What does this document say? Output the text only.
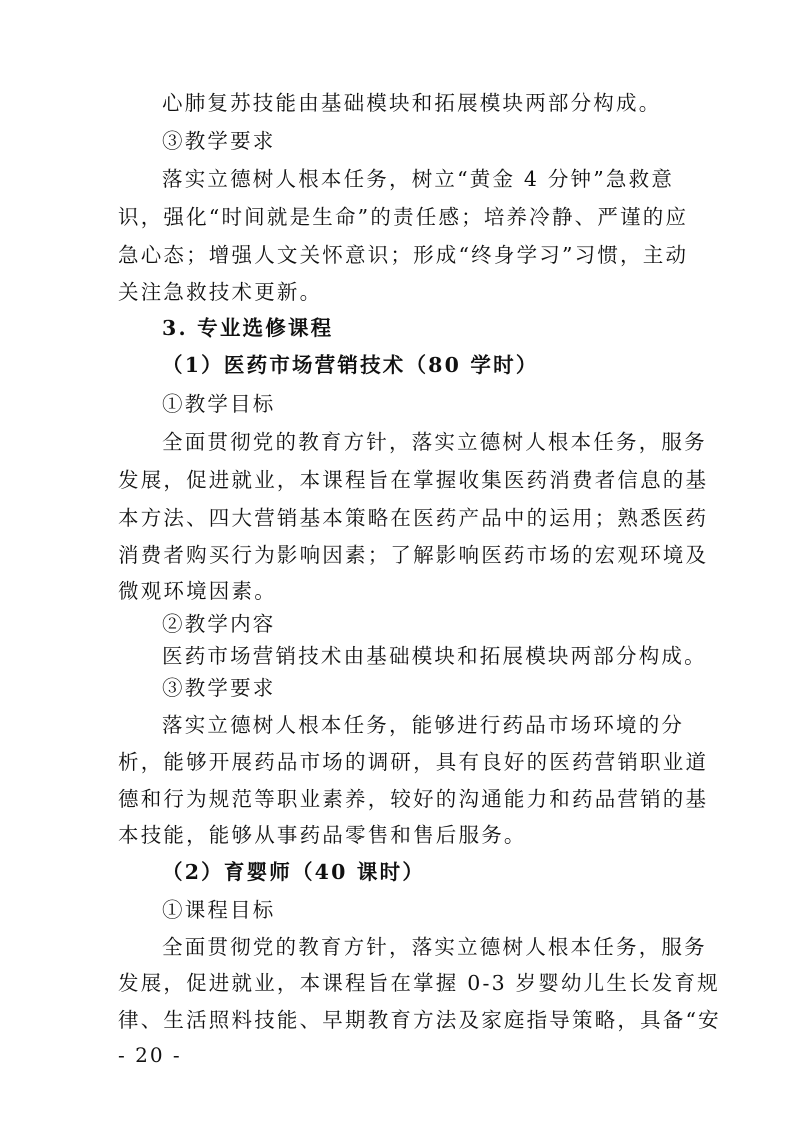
心肺复苏技能由基础模块和拓展模块两部分构成。
③教学要求
落实立德树人根本任务，树立“黄金 4 分钟”急救意
识，强化“时间就是生命”的责任感；培养冷静、严谨的应
急心态；增强人文关怀意识；形成“终身学习”习惯，主动
关注急救技术更新。
3. 专业选修课程
（1）医药市场营销技术（80 学时）
①教学目标
全面贯彻党的教育方针，落实立德树人根本任务，服务
发展，促进就业，本课程旨在掌握收集医药消费者信息的基
本方法、四大营销基本策略在医药产品中的运用；熟悉医药
消费者购买行为影响因素；了解影响医药市场的宏观环境及
微观环境因素。
②教学内容
医药市场营销技术由基础模块和拓展模块两部分构成。
③教学要求
落实立德树人根本任务，能够进行药品市场环境的分
析，能够开展药品市场的调研，具有良好的医药营销职业道
德和行为规范等职业素养，较好的沟通能力和药品营销的基
本技能，能够从事药品零售和售后服务。
（2）育婴师（40 课时）
①课程目标
全面贯彻党的教育方针，落实立德树人根本任务，服务
发展，促进就业，本课程旨在掌握 0-3 岁婴幼儿生长发育规
律、生活照料技能、早期教育方法及家庭指导策略，具备“安
- 20 -
